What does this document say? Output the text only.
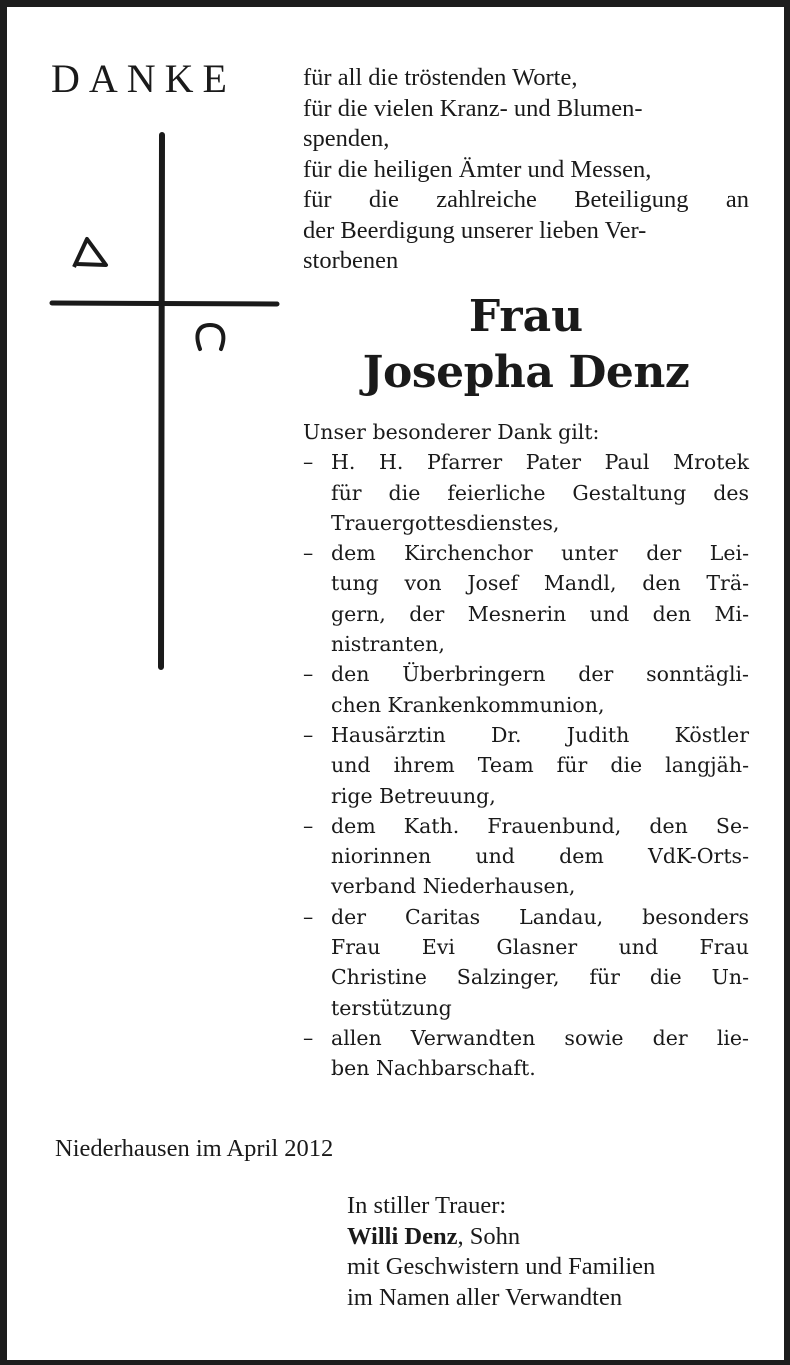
DANKE	für all die tröstenden Worte,
für die vielen Kranz- und Blumen-
spenden,
für die heiligen Ämter und Messen,
für die zahlreiche Beteiligung an
der Beerdigung unserer lieben Ver-
storbenen
Frau
Josepha Denz
Unser besonderer Dank gilt:
– H. H. Pfarrer Pater Paul Mrotek
für die feierliche Gestaltung des
Trauergottesdienstes,
– dem Kirchenchor unter der Lei-
tung von Josef Mandl, den Trä-
gern, der Mesnerin und den Mi-
nistranten,
– den Überbringern der sonntägli-
chen Krankenkommunion,
– Hausärztin Dr. Judith Köstler
und ihrem Team für die langjäh-
rige Betreuung,
– dem Kath. Frauenbund, den Se-
niorinnen und dem VdK-Orts-
verband Niederhausen,
– der Caritas Landau, besonders
Frau Evi Glasner und Frau
Christine Salzinger, für die Un-
terstützung
– allen Verwandten sowie der lie-
ben Nachbarschaft.
Niederhausen im April 2012
In stiller Trauer:
Willi Denz, Sohn
mit Geschwistern und Familien
im Namen aller Verwandten
